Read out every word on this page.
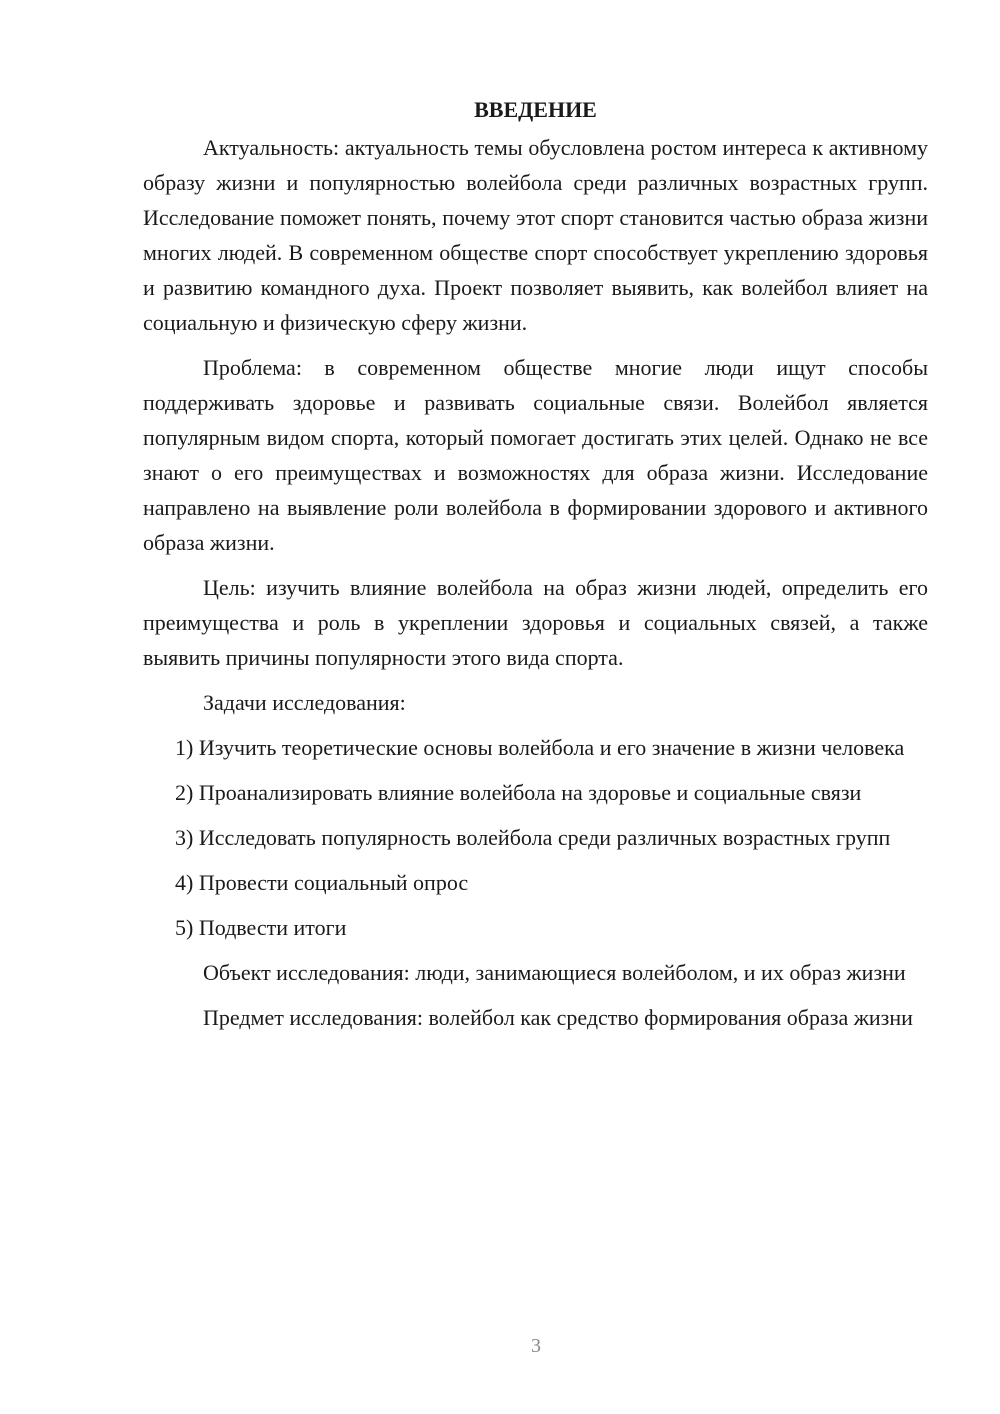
ВВЕДЕНИЕ

Актуальность: актуальность темы обусловлена ростом интереса к активному образу жизни и популярностью волейбола среди различных возрастных групп. Исследование поможет понять, почему этот спорт становится частью образа жизни многих людей. В современном обществе спорт способствует укреплению здоровья и развитию командного духа. Проект позволяет выявить, как волейбол влияет на социальную и физическую сферу жизни.

Проблема: в современном обществе многие люди ищут способы поддерживать здоровье и развивать социальные связи. Волейбол является популярным видом спорта, который помогает достигать этих целей. Однако не все знают о его преимуществах и возможностях для образа жизни. Исследование направлено на выявление роли волейбола в формировании здорового и активного образа жизни.

Цель: изучить влияние волейбола на образ жизни людей, определить его преимущества и роль в укреплении здоровья и социальных связей, а также выявить причины популярности этого вида спорта.

Задачи исследования:

1) Изучить теоретические основы волейбола и его значение в жизни человека

2) Проанализировать влияние волейбола на здоровье и социальные связи

3) Исследовать популярность волейбола среди различных возрастных групп

4) Провести социальный опрос

5) Подвести итоги

Объект исследования: люди, занимающиеся волейболом, и их образ жизни

Предмет исследования: волейбол как средство формирования образа жизни

3
